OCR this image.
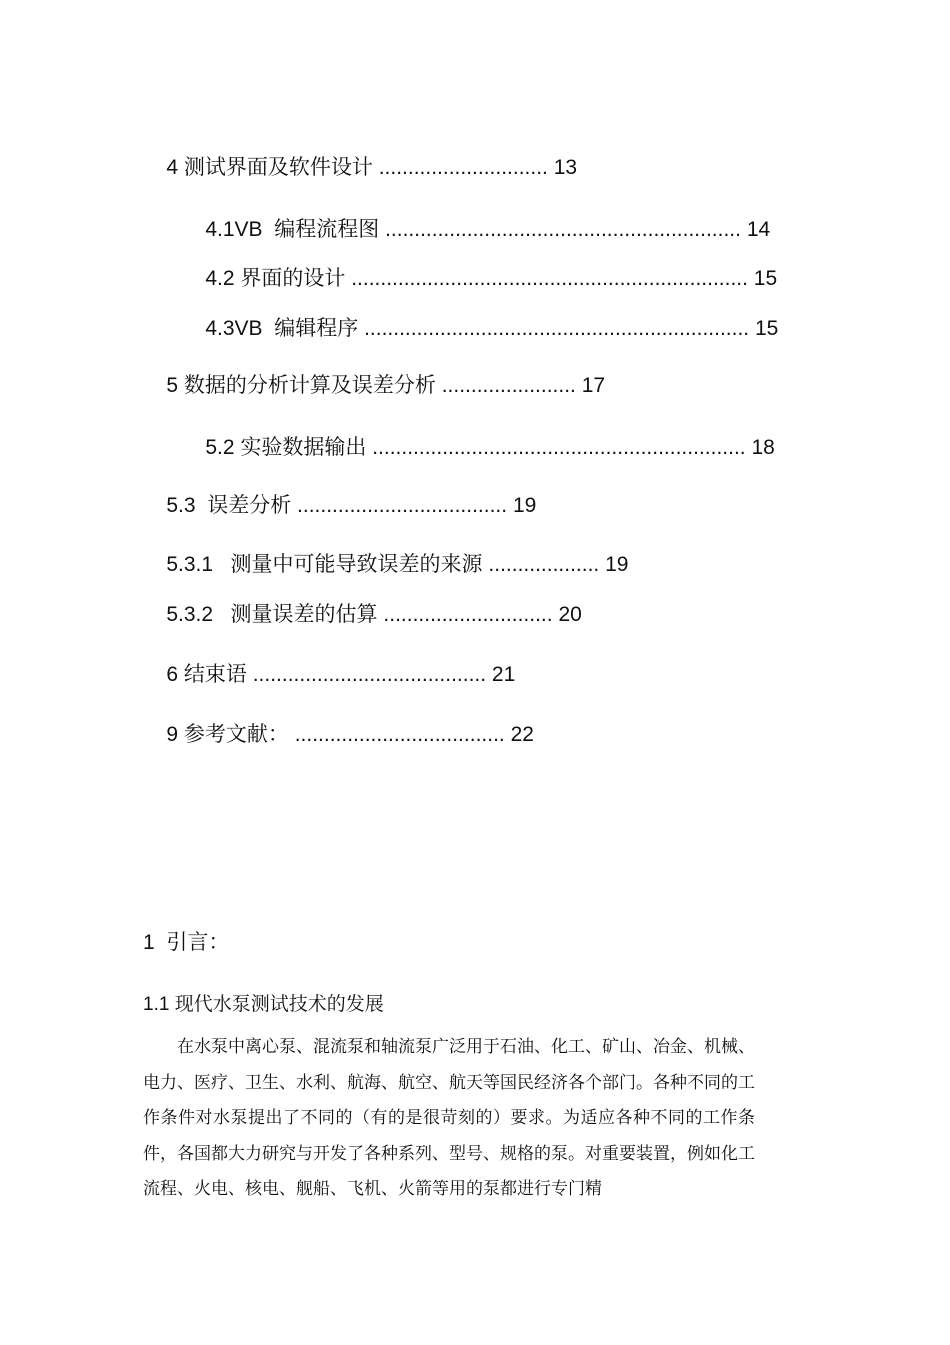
4 测试界面及软件设计 ............................. 13

4.1VB  编程流程图 ............................................................. 14

4.2 界面的设计 .................................................................... 15

4.3VB  编辑程序 .................................................................. 15

5 数据的分析计算及误差分析 ....................... 17

5.2 实验数据输出 ................................................................ 18

5.3  误差分析 .................................... 19

5.3.1   测量中可能导致误差的来源 ................... 19

5.3.2   测量误差的估算 ............................. 20

6 结束语 ........................................ 21

9 参考文献： .................................... 22

1  引言：
1.1 现代水泵测试技术的发展
在水泵中离心泵、混流泵和轴流泵广泛用于石油、化工、矿山、冶金、机械、电力、医疗、卫生、水利、航海、航空、航天等国民经济各个部门。各种不同的工作条件对水泵提出了不同的（有的是很苛刻的）要求。为适应各种不同的工作条件，各国都大力研究与开发了各种系列、型号、规格的泵。对重要装置，例如化工流程、火电、核电、舰船、飞机、火箭等用的泵都进行专门精
